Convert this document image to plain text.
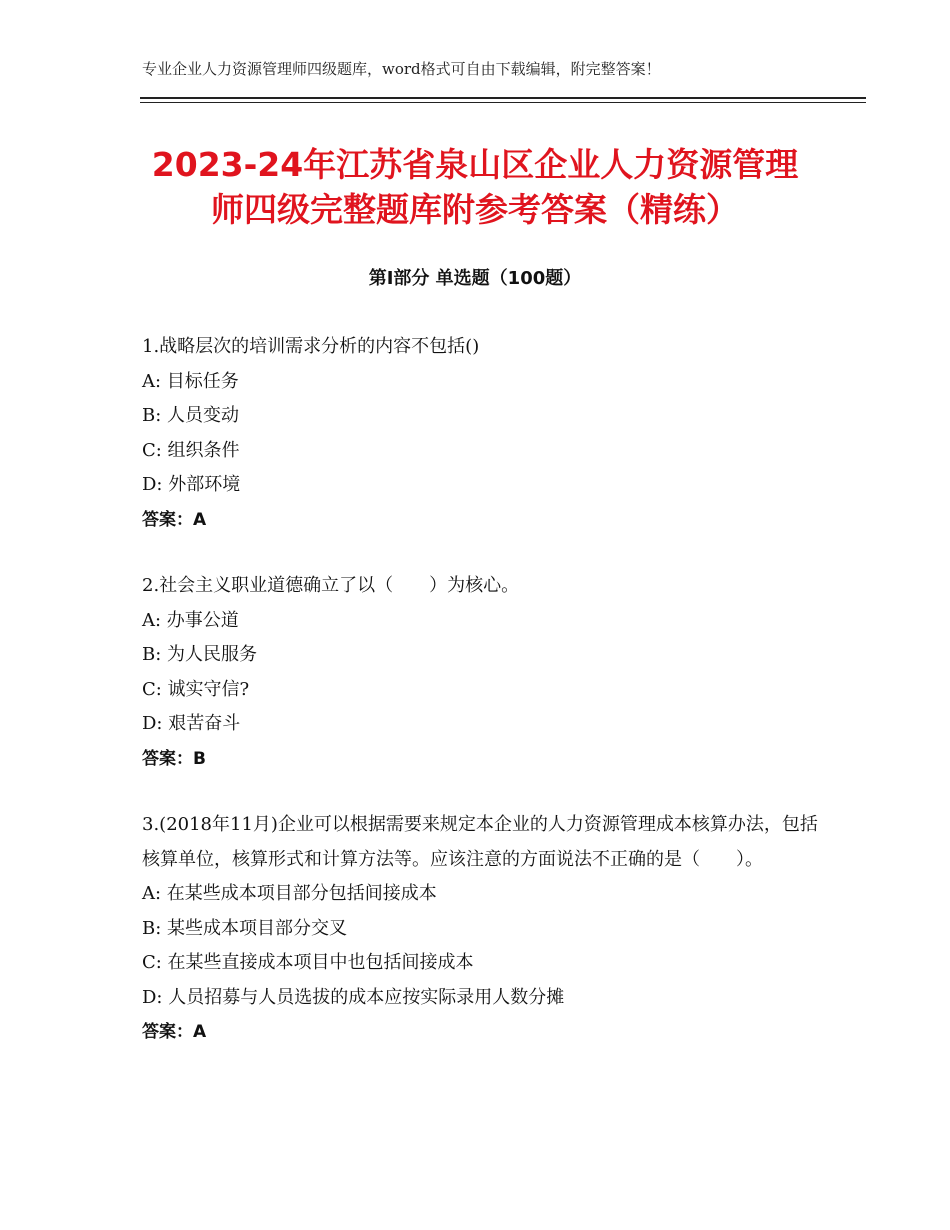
专业企业人力资源管理师四级题库，word格式可自由下载编辑，附完整答案！
2023-24年江苏省泉山区企业人力资源管理
师四级完整题库附参考答案（精练）
第Ⅰ部分 单选题（100题）
1.战略层次的培训需求分析的内容不包括()
A: 目标任务
B: 人员变动
C: 组织条件
D: 外部环境
答案：A
2.社会主义职业道德确立了以（　　）为核心。
A: 办事公道
B: 为人民服务
C: 诚实守信?
D: 艰苦奋斗
答案：B
3.(2018年11月)企业可以根据需要来规定本企业的人力资源管理成本核算办法，包括核算单位，核算形式和计算方法等。应该注意的方面说法不正确的是（　　）。
A: 在某些成本项目部分包括间接成本
B: 某些成本项目部分交叉
C: 在某些直接成本项目中也包括间接成本
D: 人员招募与人员选拔的成本应按实际录用人数分摊
答案：A
